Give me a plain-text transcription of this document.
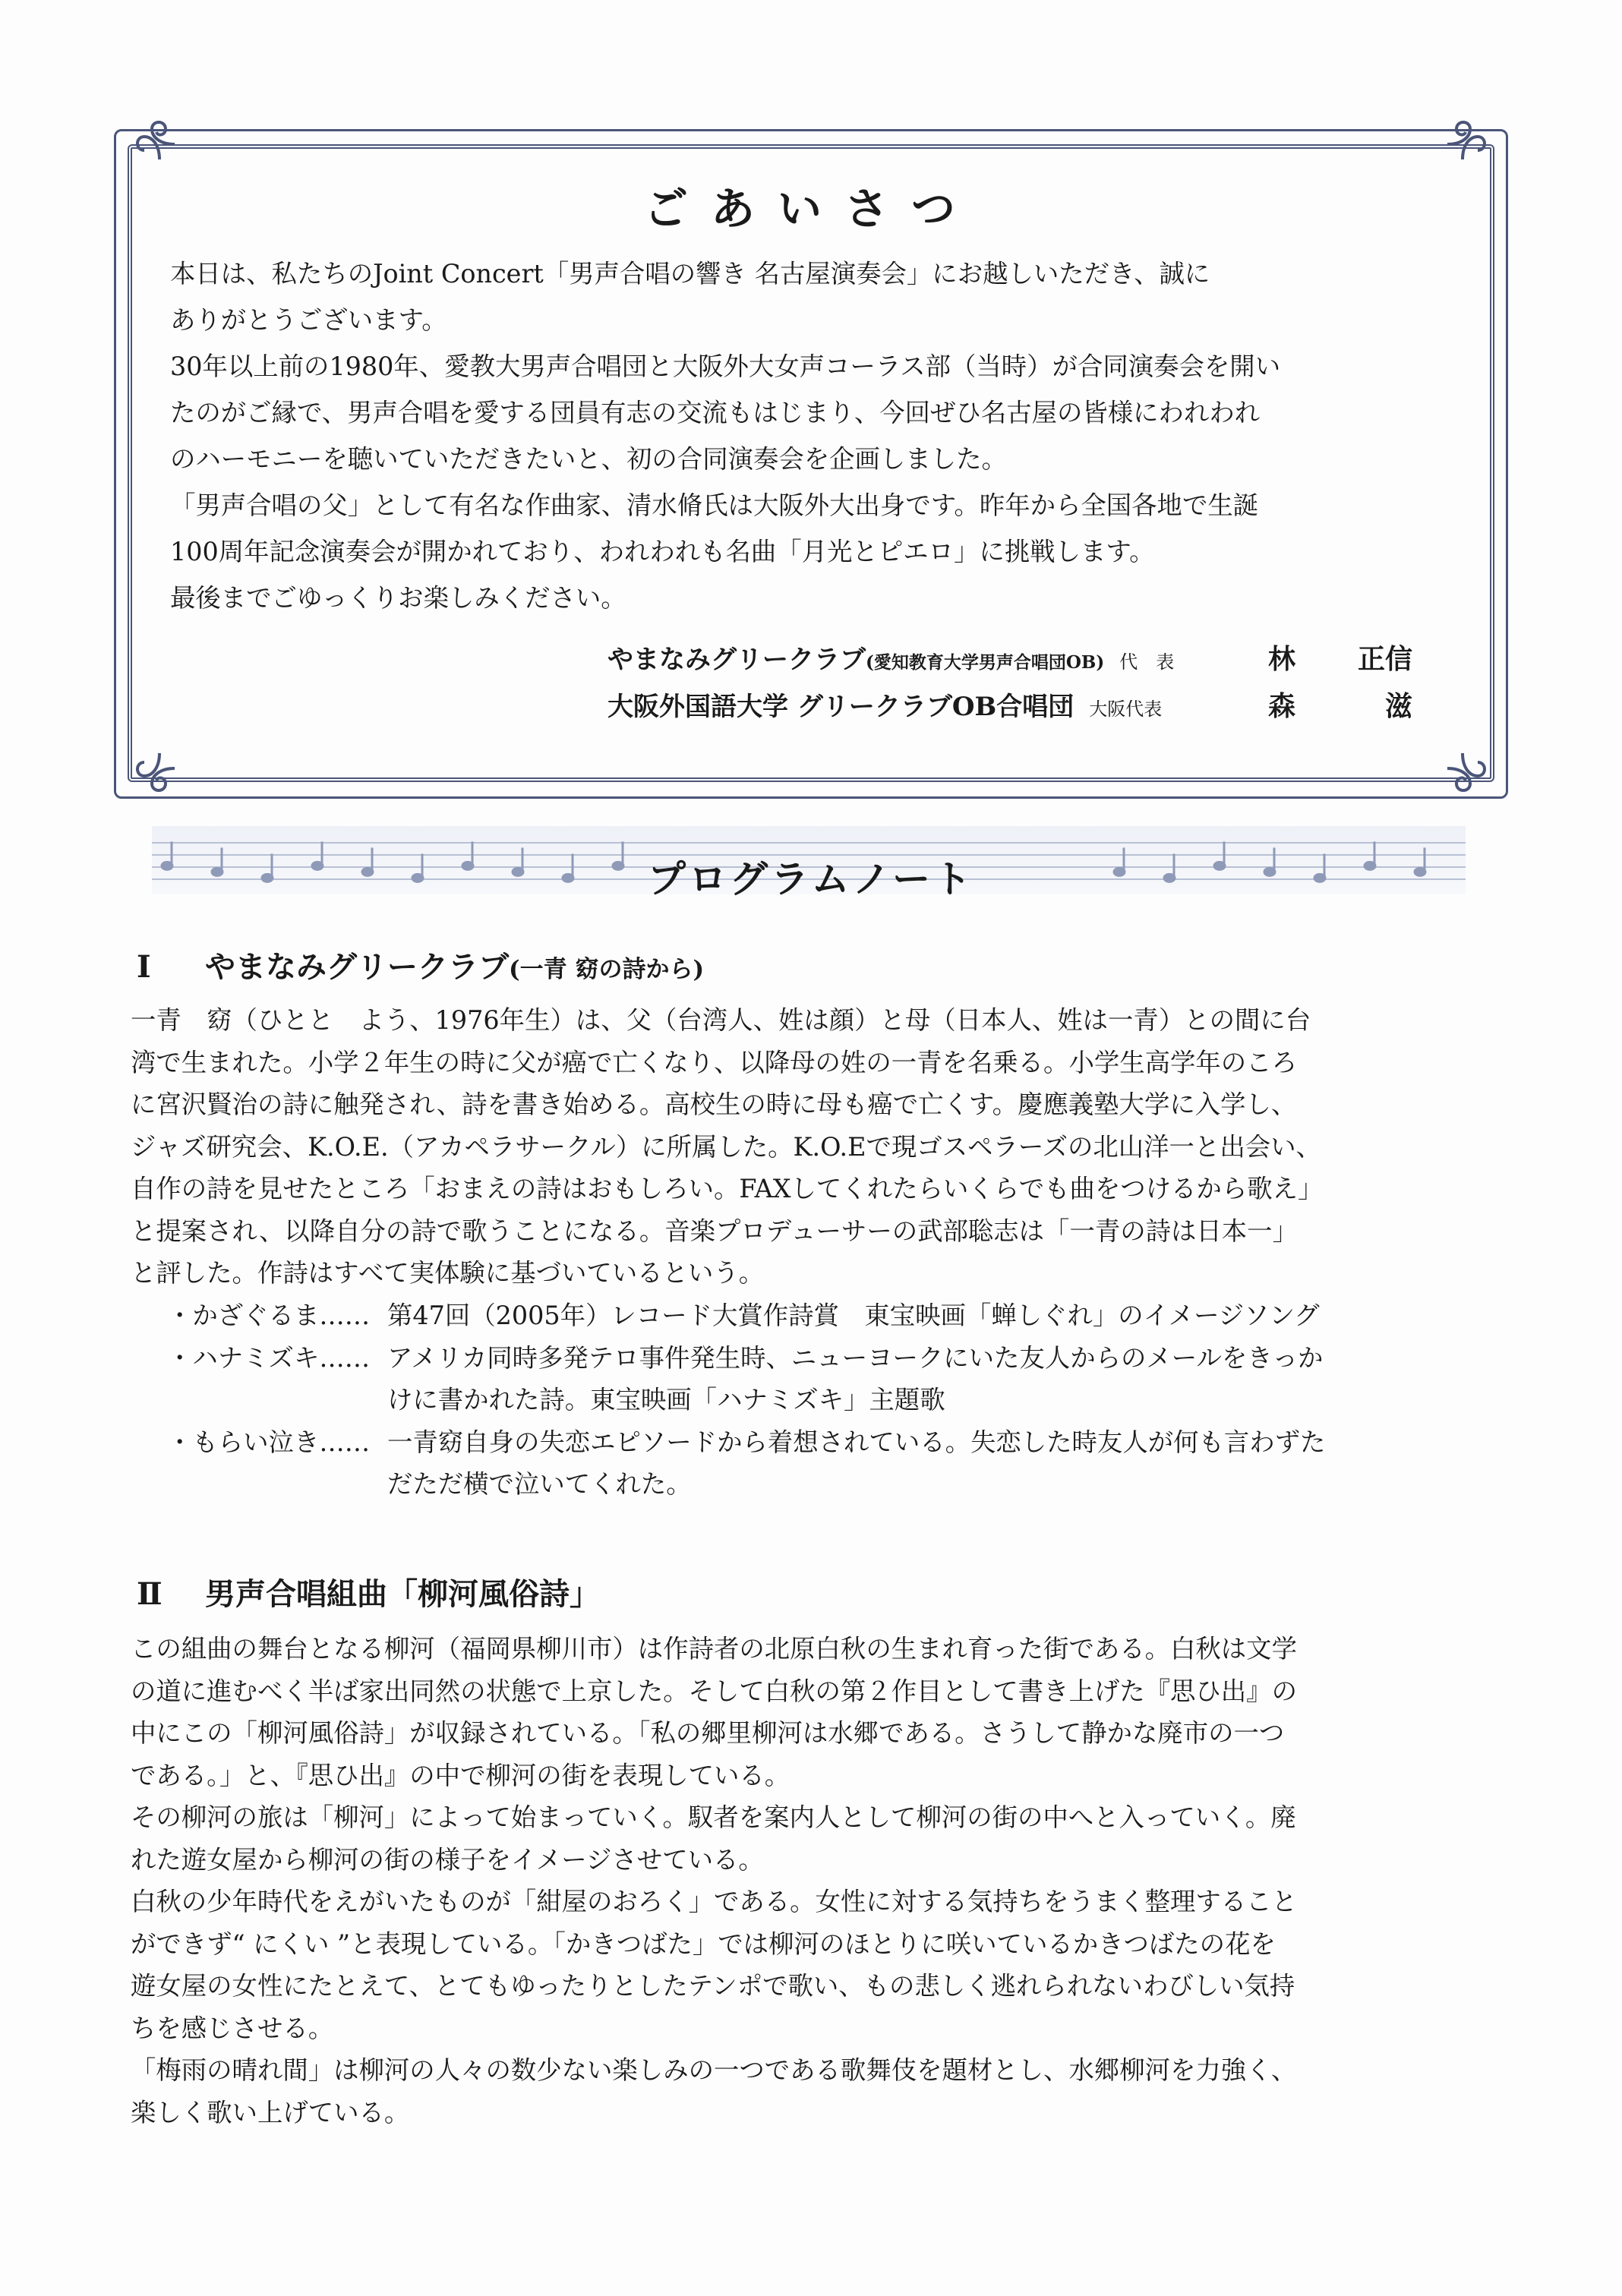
ごあいさつ
本日は、私たちのJoint Concert「男声合唱の響き 名古屋演奏会」にお越しいただき、誠に
ありがとうございます。
30年以上前の1980年、愛教大男声合唱団と大阪外大女声コーラス部（当時）が合同演奏会を開い
たのがご縁で、男声合唱を愛する団員有志の交流もはじまり、今回ぜひ名古屋の皆様にわれわれ
のハーモニーを聴いていただきたいと、初の合同演奏会を企画しました。
「男声合唱の父」として有名な作曲家、清水脩氏は大阪外大出身です。昨年から全国各地で生誕
100周年記念演奏会が開かれており、われわれも名曲「月光とピエロ」に挑戦します。
最後までごゆっくりお楽しみください。
やまなみグリークラブ(愛知教育大学男声合唱団OB) 代　表	林 正信
大阪外国語大学 グリークラブOB合唱団 大阪代表	森	滋
プログラムノート
Ⅰ	やまなみグリークラブ (一青 窈の詩から)
一青　窈（ひとと　よう、1976年生）は、父（台湾人、姓は顔）と母（日本人、姓は一青）との間に台
湾で生まれた。小学２年生の時に父が癌で亡くなり、以降母の姓の一青を名乗る。小学生高学年のころ
に宮沢賢治の詩に触発され、詩を書き始める。高校生の時に母も癌で亡くす。慶應義塾大学に入学し、
ジャズ研究会、K.O.E.（アカペラサークル）に所属した。K.O.Eで現ゴスペラーズの北山洋一と出会い、
自作の詩を見せたところ「おまえの詩はおもしろい。FAXしてくれたらいくらでも曲をつけるから歌え」
と提案され、以降自分の詩で歌うことになる。音楽プロデューサーの武部聡志は「一青の詩は日本一」
と評した。作詩はすべて実体験に基づいているという。
・かざぐるま…… 第47回（2005年）レコード大賞作詩賞　東宝映画「蝉しぐれ」のイメージソング
・ハナミズキ…… アメリカ同時多発テロ事件発生時、ニューヨークにいた友人からのメールをきっか
けに書かれた詩。東宝映画「ハナミズキ」主題歌
・もらい泣き…… 一青窈自身の失恋エピソードから着想されている。失恋した時友人が何も言わずた
だただ横で泣いてくれた。
Ⅱ	男声合唱組曲「柳河風俗詩」
この組曲の舞台となる柳河（福岡県柳川市）は作詩者の北原白秋の生まれ育った街である。白秋は文学
の道に進むべく半ば家出同然の状態で上京した。そして白秋の第２作目として書き上げた『思ひ出』の
中にこの「柳河風俗詩」が収録されている。「私の郷里柳河は水郷である。さうして静かな廃市の一つ
である。」と、『思ひ出』の中で柳河の街を表現している。
その柳河の旅は「柳河」によって始まっていく。馭者を案内人として柳河の街の中へと入っていく。廃
れた遊女屋から柳河の街の様子をイメージさせている。
白秋の少年時代をえがいたものが「紺屋のおろく」である。女性に対する気持ちをうまく整理すること
ができず“ にくい ”と表現している。「かきつばた」では柳河のほとりに咲いているかきつばたの花を
遊女屋の女性にたとえて、とてもゆったりとしたテンポで歌い、もの悲しく逃れられないわびしい気持
ちを感じさせる。
「梅雨の晴れ間」は柳河の人々の数少ない楽しみの一つである歌舞伎を題材とし、水郷柳河を力強く、
楽しく歌い上げている。
